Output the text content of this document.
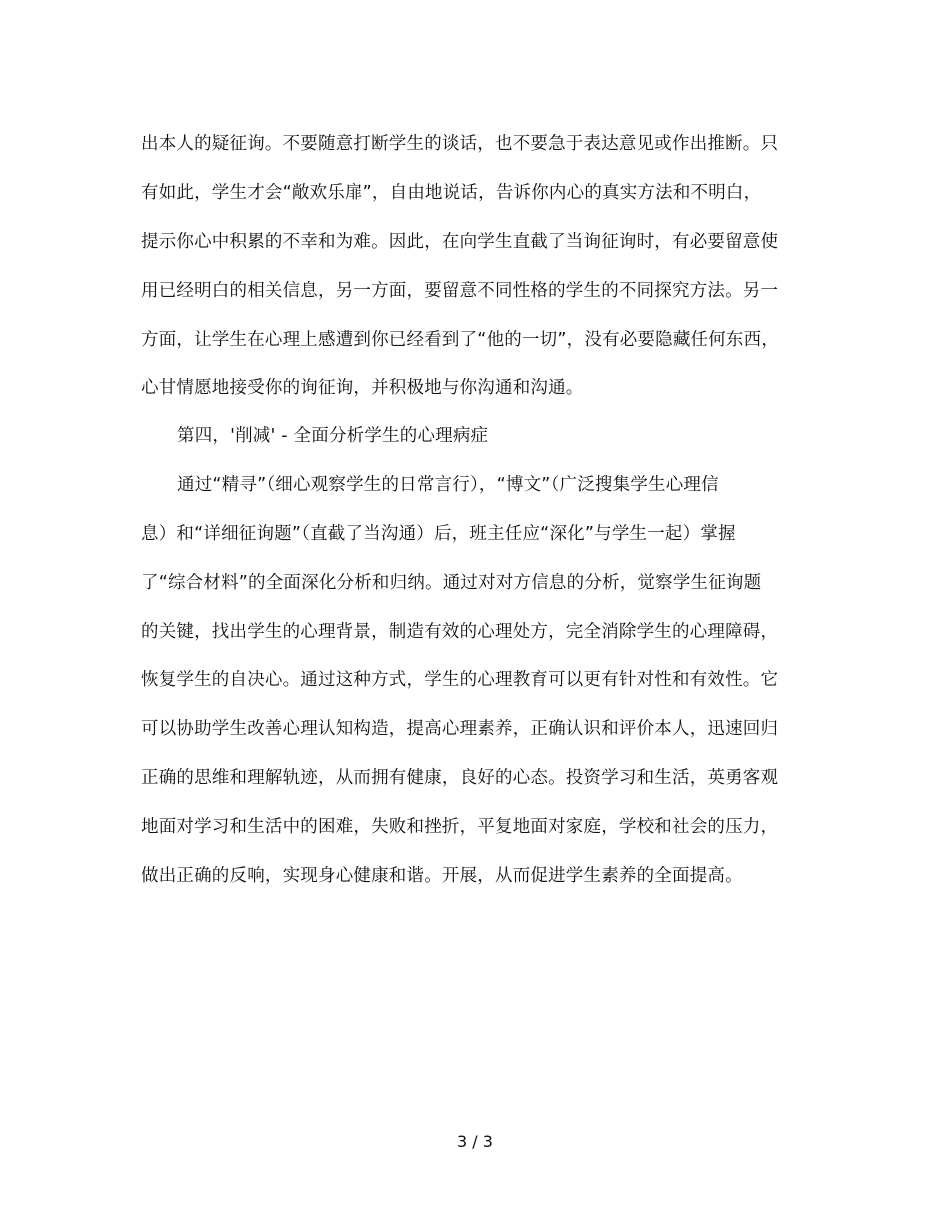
出本人的疑征询。不要随意打断学生的谈话，也不要急于表达意见或作出推断。只
有如此，学生才会“敞欢乐扉”，自由地说话，告诉你内心的真实方法和不明白，
提示你心中积累的不幸和为难。因此，在向学生直截了当询征询时，有必要留意使
用已经明白的相关信息，另一方面，要留意不同性格的学生的不同探究方法。另一
方面，让学生在心理上感遭到你已经看到了“他的一切”，没有必要隐藏任何东西，
心甘情愿地接受你的询征询，并积极地与你沟通和沟通。
第四，'削减' - 全面分析学生的心理病症
通过“精寻”（细心观察学生的日常言行），“博文”（广泛搜集学生心理信
息）和“详细征询题”（直截了当沟通）后，班主任应“深化”与学生一起）掌握
了“综合材料”的全面深化分析和归纳。通过对对方信息的分析，觉察学生征询题
的关键，找出学生的心理背景，制造有效的心理处方，完全消除学生的心理障碍，
恢复学生的自决心。通过这种方式，学生的心理教育可以更有针对性和有效性。它
可以协助学生改善心理认知构造，提高心理素养，正确认识和评价本人，迅速回归
正确的思维和理解轨迹，从而拥有健康，良好的心态。投资学习和生活，英勇客观
地面对学习和生活中的困难，失败和挫折，平复地面对家庭，学校和社会的压力，
做出正确的反响，实现身心健康和谐。开展，从而促进学生素养的全面提高。
3 / 3
